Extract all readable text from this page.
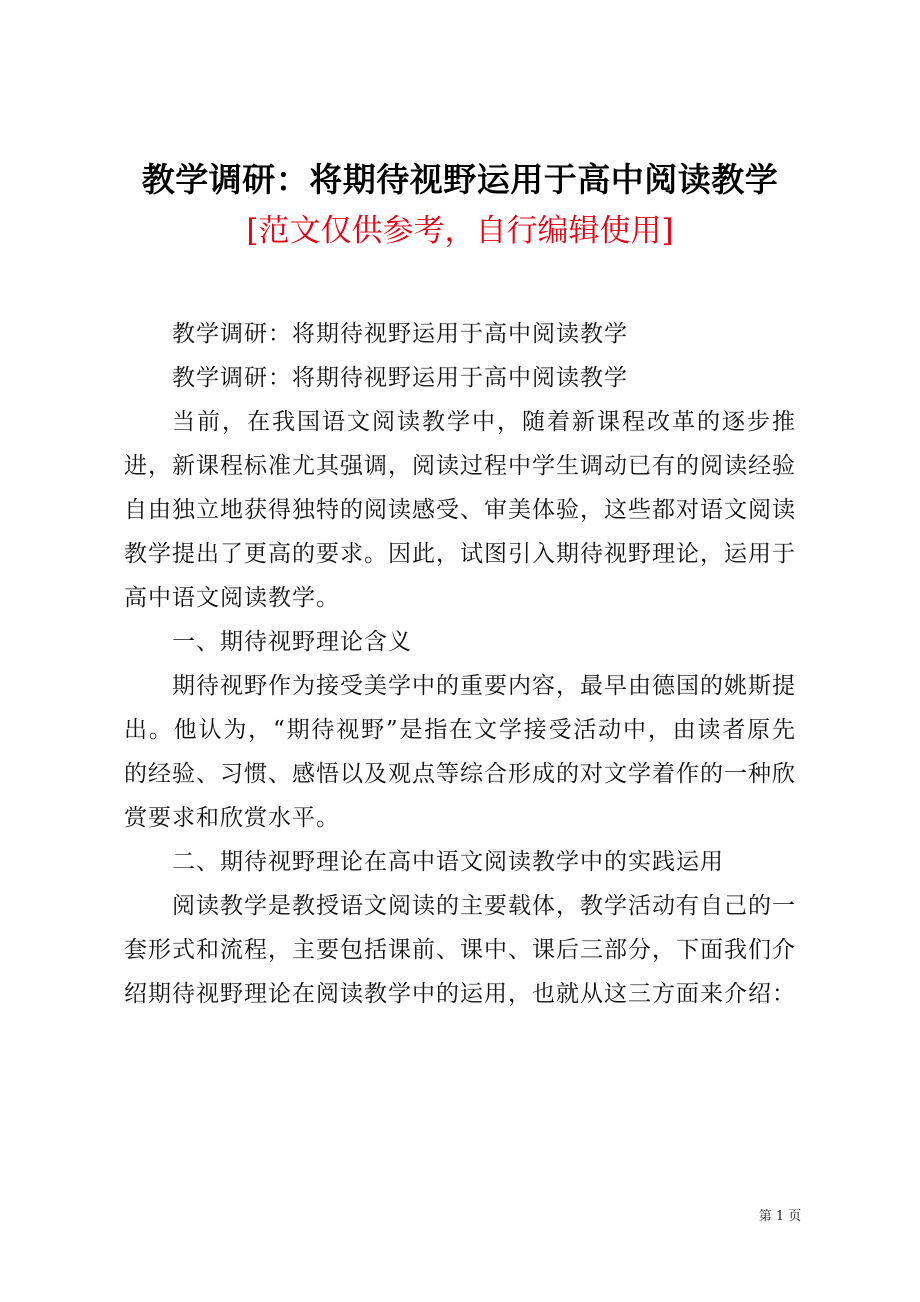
教学调研：将期待视野运用于高中阅读教学
[范文仅供参考，自行编辑使用]

教学调研：将期待视野运用于高中阅读教学

教学调研：将期待视野运用于高中阅读教学

当前，在我国语文阅读教学中，随着新课程改革的逐步推进，新课程标准尤其强调，阅读过程中学生调动已有的阅读经验自由独立地获得独特的阅读感受、审美体验，这些都对语文阅读教学提出了更高的要求。因此，试图引入期待视野理论，运用于高中语文阅读教学。

一、期待视野理论含义

期待视野作为接受美学中的重要内容，最早由德国的姚斯提出。他认为，“期待视野”是指在文学接受活动中，由读者原先的经验、习惯、感悟以及观点等综合形成的对文学着作的一种欣赏要求和欣赏水平。

二、期待视野理论在高中语文阅读教学中的实践运用

阅读教学是教授语文阅读的主要载体，教学活动有自己的一套形式和流程，主要包括课前、课中、课后三部分，下面我们介绍期待视野理论在阅读教学中的运用，也就从这三方面来介绍：

第 1 页
